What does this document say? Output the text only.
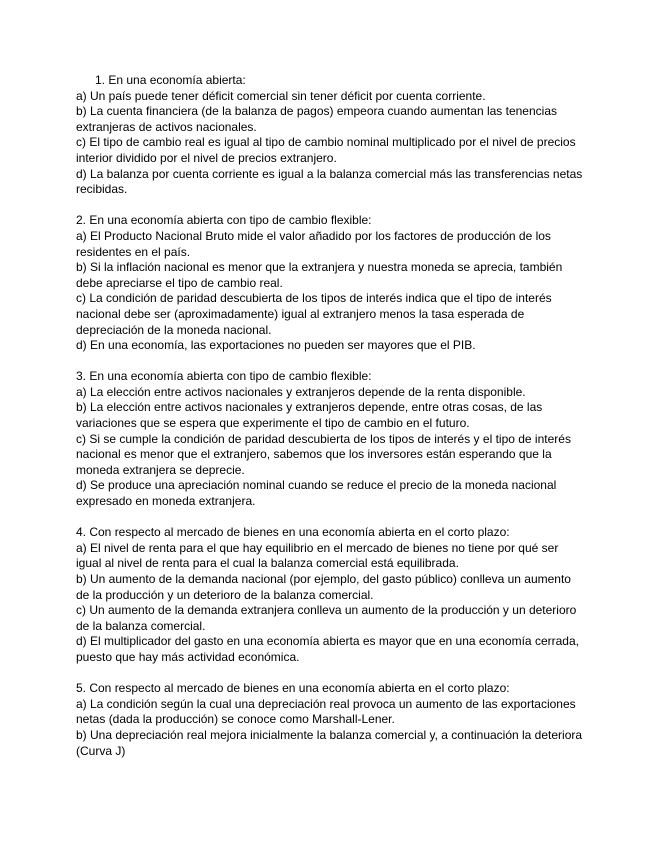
1. En una economía abierta:

a) Un país puede tener déficit comercial sin tener déficit por cuenta corriente.

b) La cuenta financiera (de la balanza de pagos) empeora cuando aumentan las tenencias extranjeras de activos nacionales.

c) El tipo de cambio real es igual al tipo de cambio nominal multiplicado por el nivel de precios interior dividido por el nivel de precios extranjero.

d) La balanza por cuenta corriente es igual a la balanza comercial más las transferencias netas recibidas.

2. En una economía abierta con tipo de cambio flexible:

a) El Producto Nacional Bruto mide el valor añadido por los factores de producción de los residentes en el país.

b) Si la inflación nacional es menor que la extranjera y nuestra moneda se aprecia, también debe apreciarse el tipo de cambio real.

c) La condición de paridad descubierta de los tipos de interés indica que el tipo de interés nacional debe ser (aproximadamente) igual al extranjero menos la tasa esperada de depreciación de la moneda nacional.

d) En una economía, las exportaciones no pueden ser mayores que el PIB.

3. En una economía abierta con tipo de cambio flexible:

a) La elección entre activos nacionales y extranjeros depende de la renta disponible.

b) La elección entre activos nacionales y extranjeros depende, entre otras cosas, de las variaciones que se espera que experimente el tipo de cambio en el futuro.

c) Si se cumple la condición de paridad descubierta de los tipos de interés y el tipo de interés nacional es menor que el extranjero, sabemos que los inversores están esperando que la moneda extranjera se deprecie.

d) Se produce una apreciación nominal cuando se reduce el precio de la moneda nacional expresado en moneda extranjera.

4. Con respecto al mercado de bienes en una economía abierta en el corto plazo:

a) El nivel de renta para el que hay equilibrio en el mercado de bienes no tiene por qué ser igual al nivel de renta para el cual la balanza comercial está equilibrada.

b) Un aumento de la demanda nacional (por ejemplo, del gasto público) conlleva un aumento de la producción y un deterioro de la balanza comercial.

c) Un aumento de la demanda extranjera conlleva un aumento de la producción y un deterioro de la balanza comercial.

d) El multiplicador del gasto en una economía abierta es mayor que en una economía cerrada, puesto que hay más actividad económica.

5. Con respecto al mercado de bienes en una economía abierta en el corto plazo:

a) La condición según la cual una depreciación real provoca un aumento de las exportaciones netas (dada la producción) se conoce como Marshall-Lener.

b) Una depreciación real mejora inicialmente la balanza comercial y, a continuación la deteriora (Curva J)
